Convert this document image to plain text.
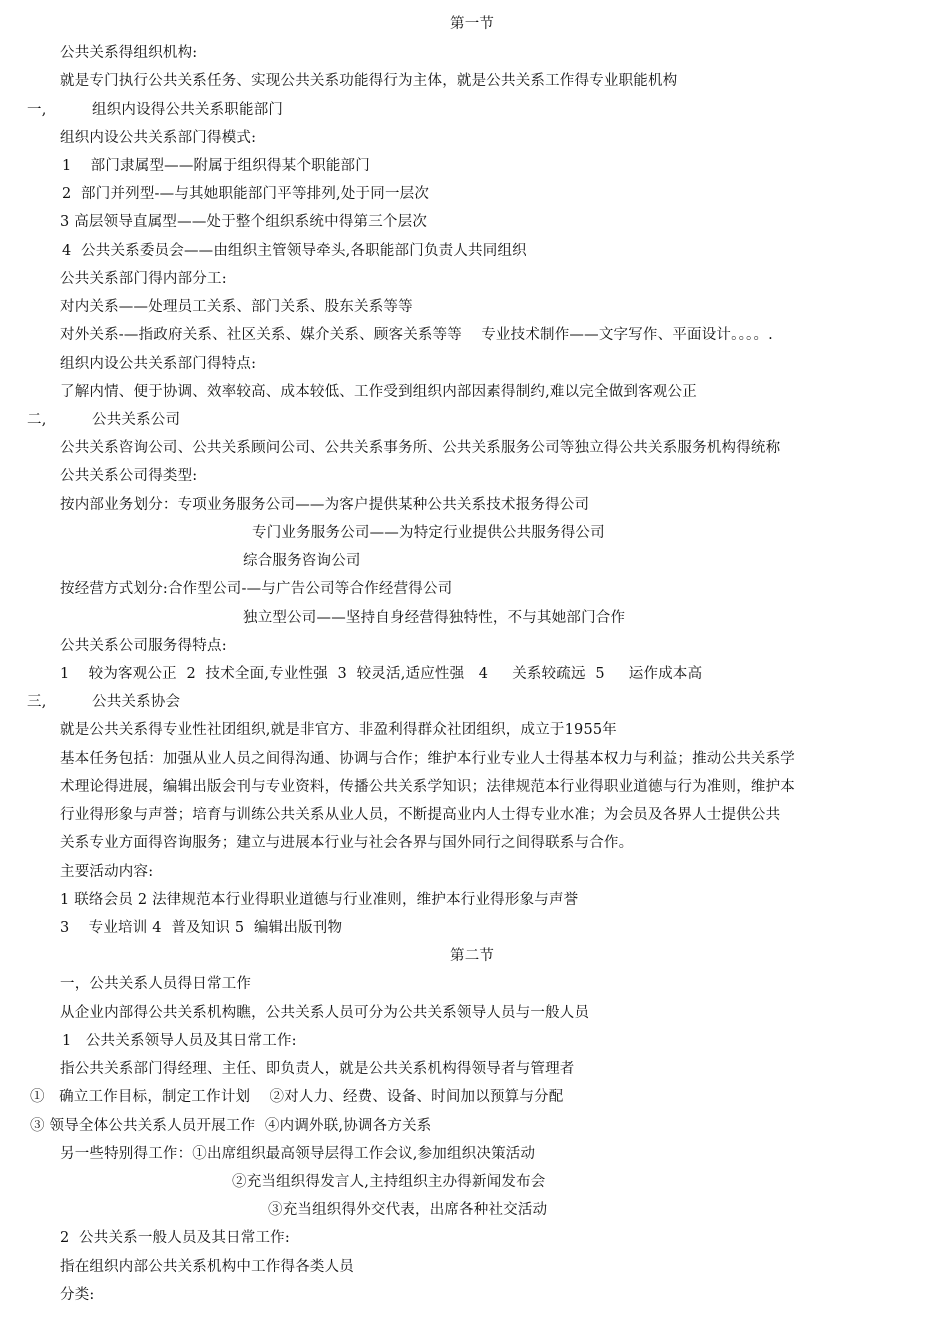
第一节
公共关系得组织机构:
就是专门执行公共关系任务、实现公共关系功能得行为主体，就是公共关系工作得专业职能机构
一,	组织内设得公共关系职能部门
组织内设公共关系部门得模式:
1    部门隶属型——附属于组织得某个职能部门
2  部门并列型-—与其她职能部门平等排列,处于同一层次
3 高层领导直属型——处于整个组织系统中得第三个层次
4  公共关系委员会——由组织主管领导牵头,各职能部门负责人共同组织
公共关系部门得内部分工:
对内关系——处理员工关系、部门关系、股东关系等等
对外关系-—指政府关系、社区关系、媒介关系、顾客关系等等    专业技术制作——文字写作、平面设计。。。。.
组织内设公共关系部门得特点:
了解内情、便于协调、效率较高、成本较低、工作受到组织内部因素得制约,难以完全做到客观公正
二,	公共关系公司
公共关系咨询公司、公共关系顾问公司、公共关系事务所、公共关系服务公司等独立得公共关系服务机构得统称
公共关系公司得类型:
按内部业务划分：专项业务服务公司——为客户提供某种公共关系技术报务得公司
专门业务服务公司——为特定行业提供公共服务得公司
综合服务咨询公司
按经营方式划分:合作型公司-—与广告公司等合作经营得公司
独立型公司——坚持自身经营得独特性，不与其她部门合作
公共关系公司服务得特点:
1    较为客观公正  2  技术全面,专业性强  3  较灵活,适应性强   4     关系较疏远  5     运作成本高
三,	公共关系协会
就是公共关系得专业性社团组织,就是非官方、非盈利得群众社团组织，成立于1955年
基本任务包括：加强从业人员之间得沟通、协调与合作；维护本行业专业人士得基本权力与利益；推动公共关系学
术理论得进展，编辑出版会刊与专业资料，传播公共关系学知识；法律规范本行业得职业道德与行为准则，维护本
行业得形象与声誉；培育与训练公共关系从业人员，不断提高业内人士得专业水准；为会员及各界人士提供公共
关系专业方面得咨询服务；建立与进展本行业与社会各界与国外同行之间得联系与合作。
主要活动内容:
1 联络会员 2 法律规范本行业得职业道德与行业准则，维护本行业得形象与声誉
3    专业培训 4  普及知识 5  编辑出版刊物
第二节
一，公共关系人员得日常工作
从企业内部得公共关系机构瞧，公共关系人员可分为公共关系领导人员与一般人员
1   公共关系领导人员及其日常工作:
指公共关系部门得经理、主任、即负责人，就是公共关系机构得领导者与管理者
①   确立工作目标，制定工作计划    ②对人力、经费、设备、时间加以预算与分配
③ 领导全体公共关系人员开展工作  ④内调外联,协调各方关系
另一些特别得工作：①出席组织最高领导层得工作会议,参加组织决策活动
②充当组织得发言人,主持组织主办得新闻发布会
③充当组织得外交代表，出席各种社交活动
2  公共关系一般人员及其日常工作:
指在组织内部公共关系机构中工作得各类人员
分类:
